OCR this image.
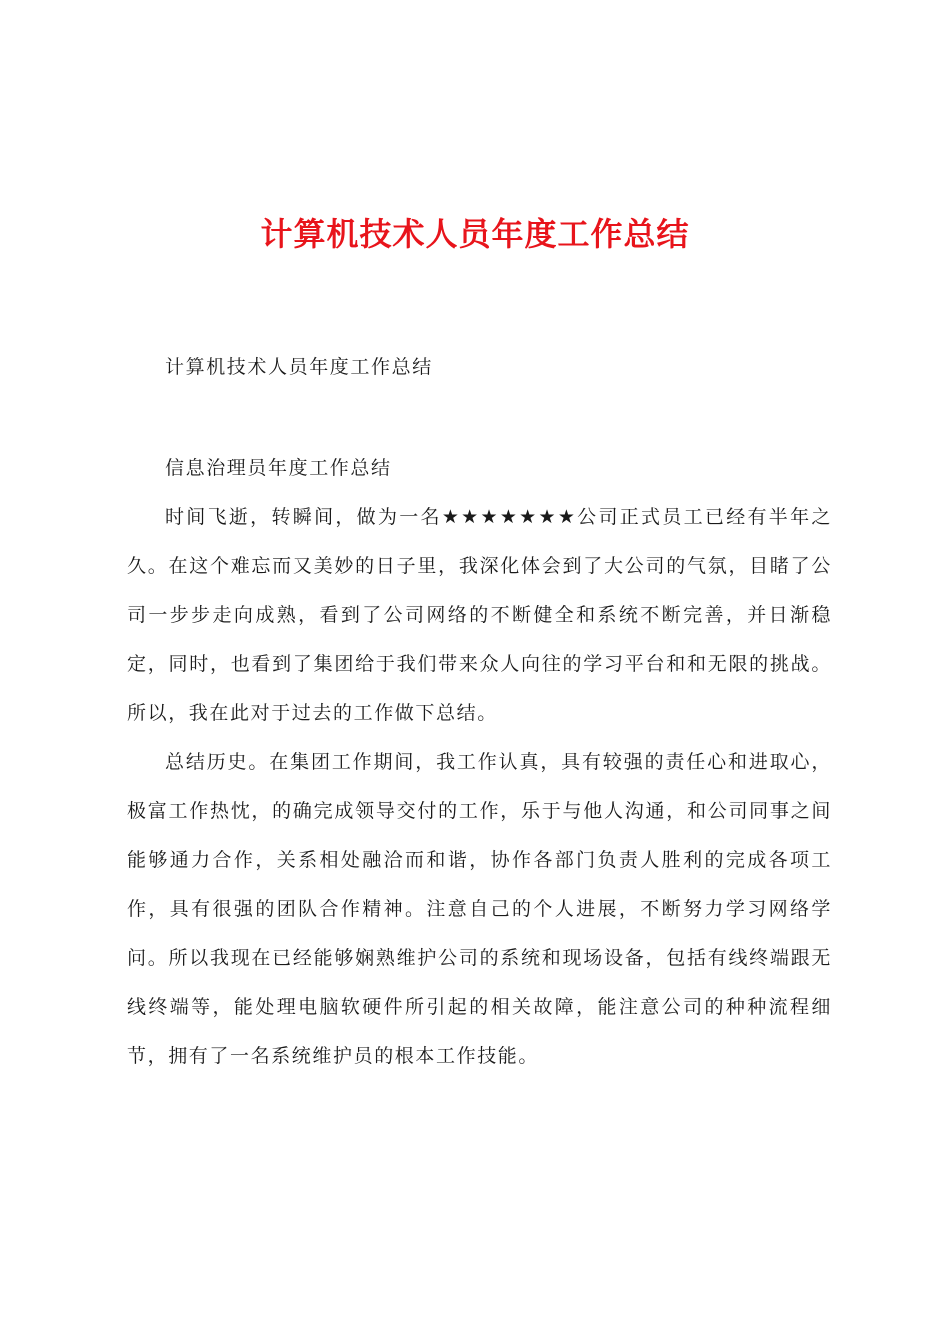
计算机技术人员年度工作总结

计算机技术人员年度工作总结

信息治理员年度工作总结

时间飞逝，转瞬间，做为一名★★★★★★★公司正式员工已经有半年之久。在这个难忘而又美妙的日子里，我深化体会到了大公司的气氛，目睹了公司一步步走向成熟，看到了公司网络的不断健全和系统不断完善，并日渐稳定，同时，也看到了集团给于我们带来众人向往的学习平台和和无限的挑战。所以，我在此对于过去的工作做下总结。

总结历史。在集团工作期间，我工作认真，具有较强的责任心和进取心，极富工作热忱，的确完成领导交付的工作，乐于与他人沟通，和公司同事之间能够通力合作，关系相处融洽而和谐，协作各部门负责人胜利的完成各项工作，具有很强的团队合作精神。注意自己的个人进展，不断努力学习网络学问。所以我现在已经能够娴熟维护公司的系统和现场设备，包括有线终端跟无线终端等，能处理电脑软硬件所引起的相关故障，能注意公司的种种流程细节，拥有了一名系统维护员的根本工作技能。
